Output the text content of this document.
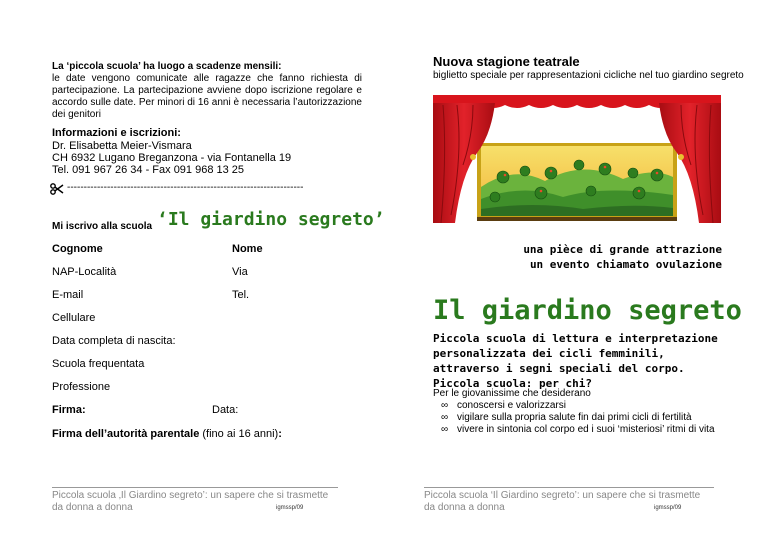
La ‘piccola scuola’ ha luogo a scadenze mensili:
le date vengono comunicate alle ragazze che fanno richiesta di partecipazione. La partecipazione avviene dopo iscrizione regolare e accordo sulle date. Per minori di 16 anni è necessaria l’autorizzazione dei genitori
Informazioni e iscrizioni:
Dr. Elisabetta Meier-Vismara
CH 6932 Lugano Breganzona - via Fontanella 19
Tel. 091 967 26 34 - Fax 091 968 13 25
-----------------------------------------------------------------------
Mi iscrivo alla scuola ‘Il giardino segreto’
Cognome	Nome
NAP-Località	Via
E-mail	Tel.
Cellulare
Data completa di nascita:
Scuola frequentata
Professione
Firma:	Data:
Firma dell’autorità parentale (fino ai 16 anni):
Piccola scuola ‚Il Giardino segreto’: un sapere che si trasmette
da donna a donna	igmssp/09
Nuova stagione teatrale
biglietto speciale per rappresentazioni cicliche nel tuo giardino segreto
una pièce di grande attrazione
un evento chiamato ovulazione
Il giardino segreto
Piccola scuola di lettura e interpretazione personalizzata dei cicli femminili, attraverso i segni speciali del corpo. Piccola scuola: per chi?
Per le giovanissime che desiderano
∞ conoscersi e valorizzarsi
∞ vigilare sulla propria salute fin dai primi cicli di fertilità
∞ vivere in sintonia col corpo ed i suoi ‘misteriosi’ ritmi di vita
Piccola scuola ‘Il Giardino segreto’: un sapere che si trasmette
da donna a donna	igmssp/09
